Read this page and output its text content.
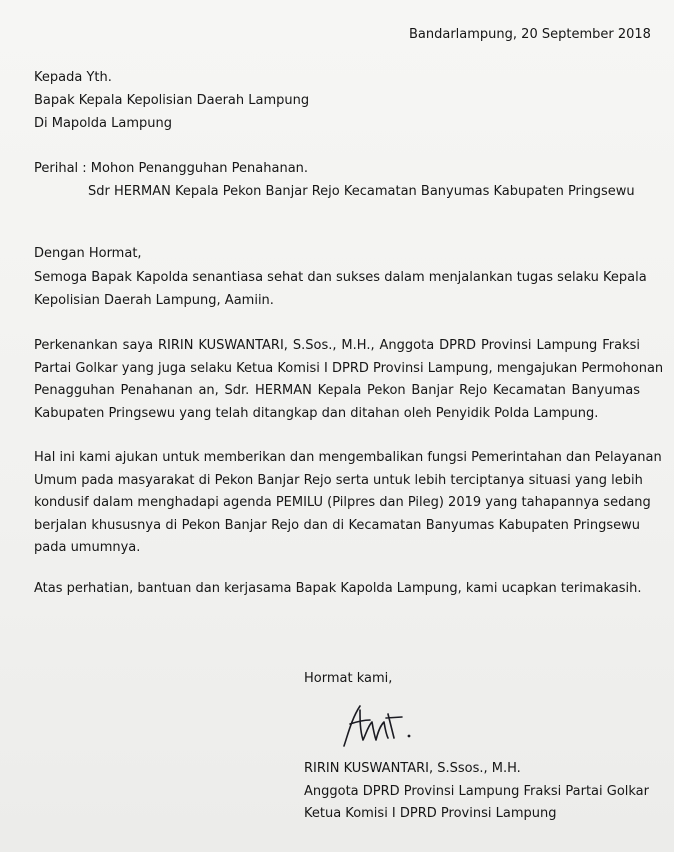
Bandarlampung, 20 September 2018
Kepada Yth.
Bapak Kepala Kepolisian Daerah Lampung
Di Mapolda Lampung
Perihal : Mohon Penangguhan Penahanan.
Sdr HERMAN Kepala Pekon Banjar Rejo Kecamatan Banyumas Kabupaten Pringsewu
Dengan Hormat,
Semoga Bapak Kapolda senantiasa sehat dan sukses dalam menjalankan tugas selaku Kepala
Kepolisian Daerah Lampung, Aamiin.
Perkenankan saya RIRIN KUSWANTARI, S.Sos., M.H., Anggota DPRD Provinsi Lampung Fraksi
Partai Golkar yang juga selaku Ketua Komisi I DPRD Provinsi Lampung, mengajukan Permohonan
Penagguhan Penahanan an, Sdr. HERMAN Kepala Pekon Banjar Rejo Kecamatan Banyumas
Kabupaten Pringsewu yang telah ditangkap dan ditahan oleh Penyidik Polda Lampung.
Hal ini kami ajukan untuk memberikan dan mengembalikan fungsi Pemerintahan dan Pelayanan
Umum pada masyarakat di Pekon Banjar Rejo serta untuk lebih terciptanya situasi yang lebih
kondusif dalam menghadapi agenda PEMILU (Pilpres dan Pileg) 2019 yang tahapannya sedang
berjalan khususnya di Pekon Banjar Rejo dan di Kecamatan Banyumas Kabupaten Pringsewu
pada umumnya.
Atas perhatian, bantuan dan kerjasama Bapak Kapolda Lampung, kami ucapkan terimakasih.
Hormat kami,
RIRIN KUSWANTARI, S.Ssos., M.H.
Anggota DPRD Provinsi Lampung Fraksi Partai Golkar
Ketua Komisi I DPRD Provinsi Lampung
